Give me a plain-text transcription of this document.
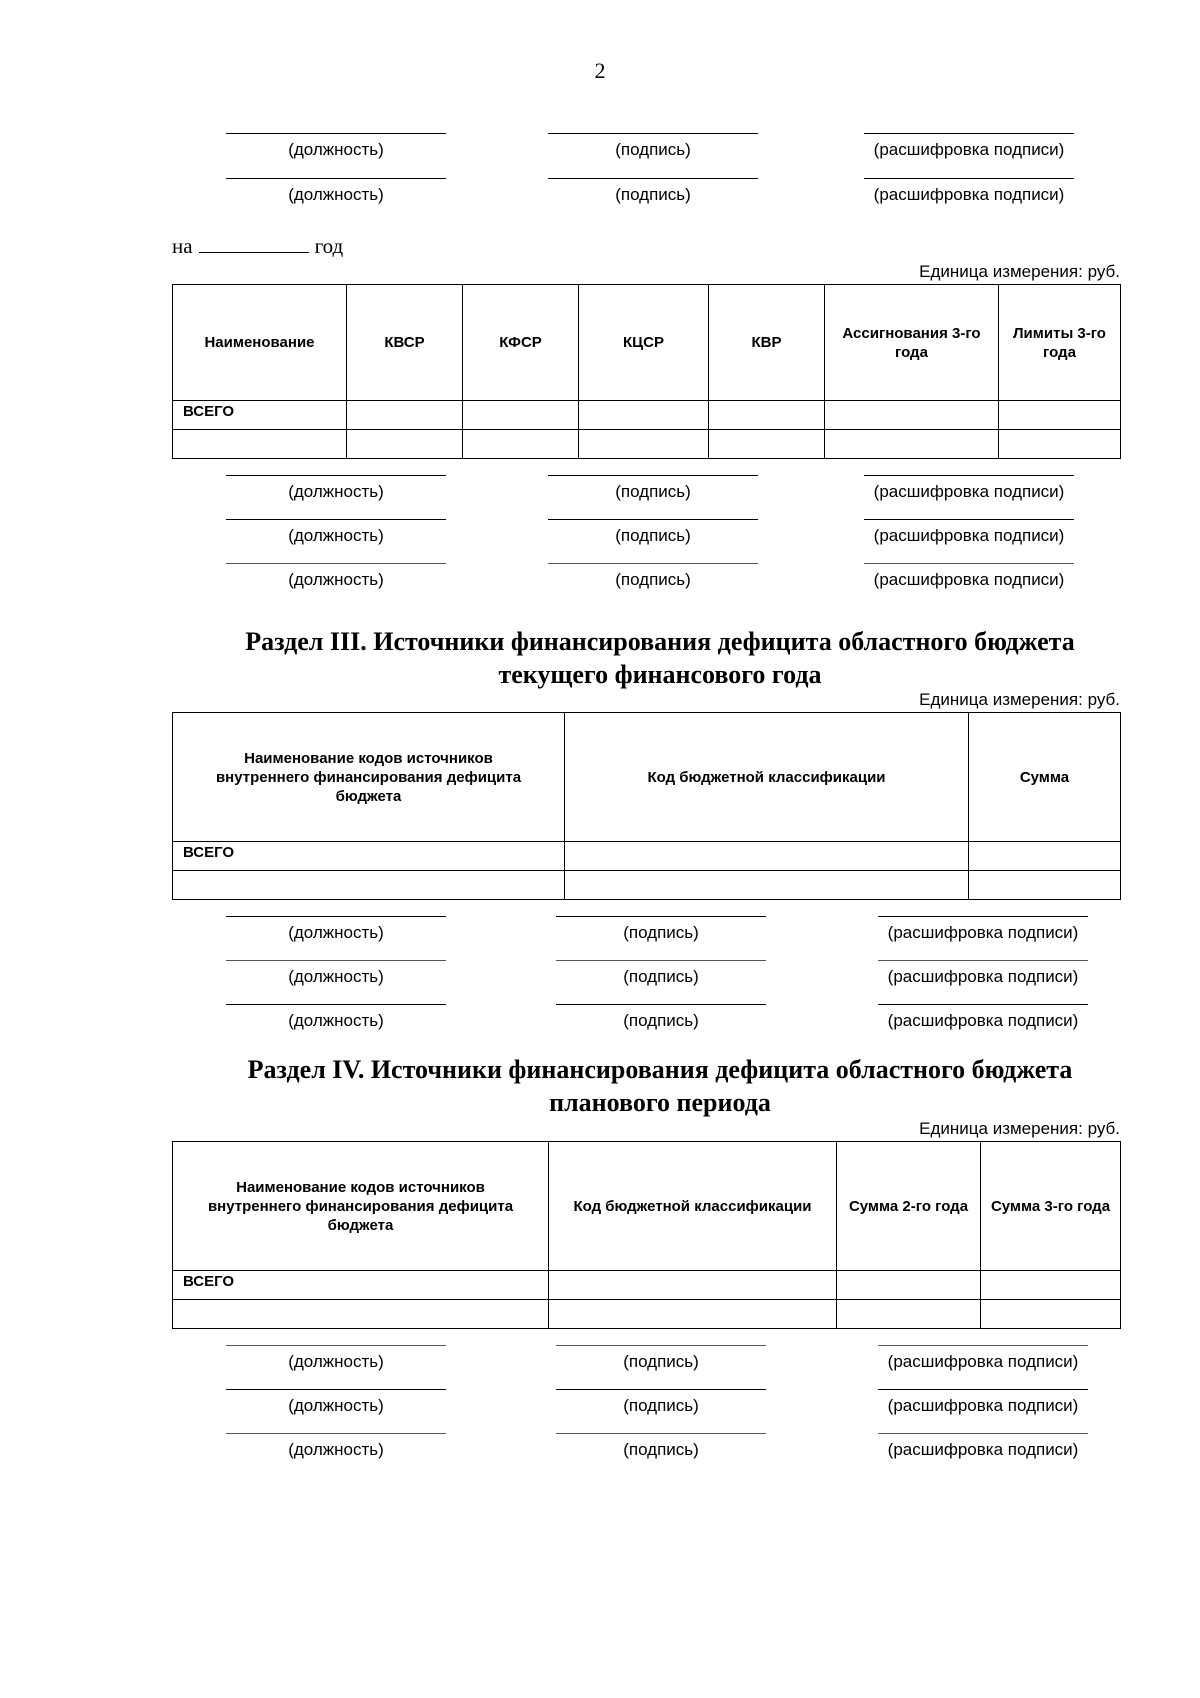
2
(должность)	(подпись)	(расшифровка подписи)
(должность)	(подпись)	(расшифровка подписи)
на	год
Единица измерения: руб.
Наименование	КВСР	КФСР	КЦСР	КВР	Ассигнования 3-го года	Лимиты 3-го года
ВСЕГО						

(должность)	(подпись)	(расшифровка подписи)
(должность)	(подпись)	(расшифровка подписи)
(должность)	(подпись)	(расшифровка подписи)
Раздел III. Источники финансирования дефицита областного бюджета
текущего финансового года
Единица измерения: руб.
Наименование кодов источников внутреннего финансирования дефицита бюджета	Код бюджетной классификации	Сумма
ВСЕГО		

(должность)	(подпись)	(расшифровка подписи)
(должность)	(подпись)	(расшифровка подписи)
(должность)	(подпись)	(расшифровка подписи)
Раздел IV. Источники финансирования дефицита областного бюджета
планового периода
Единица измерения: руб.
Наименование кодов источников внутреннего финансирования дефицита бюджета	Код бюджетной классификации	Сумма 2-го года	Сумма 3-го года
ВСЕГО			

(должность)	(подпись)	(расшифровка подписи)
(должность)	(подпись)	(расшифровка подписи)
(должность)	(подпись)	(расшифровка подписи)
